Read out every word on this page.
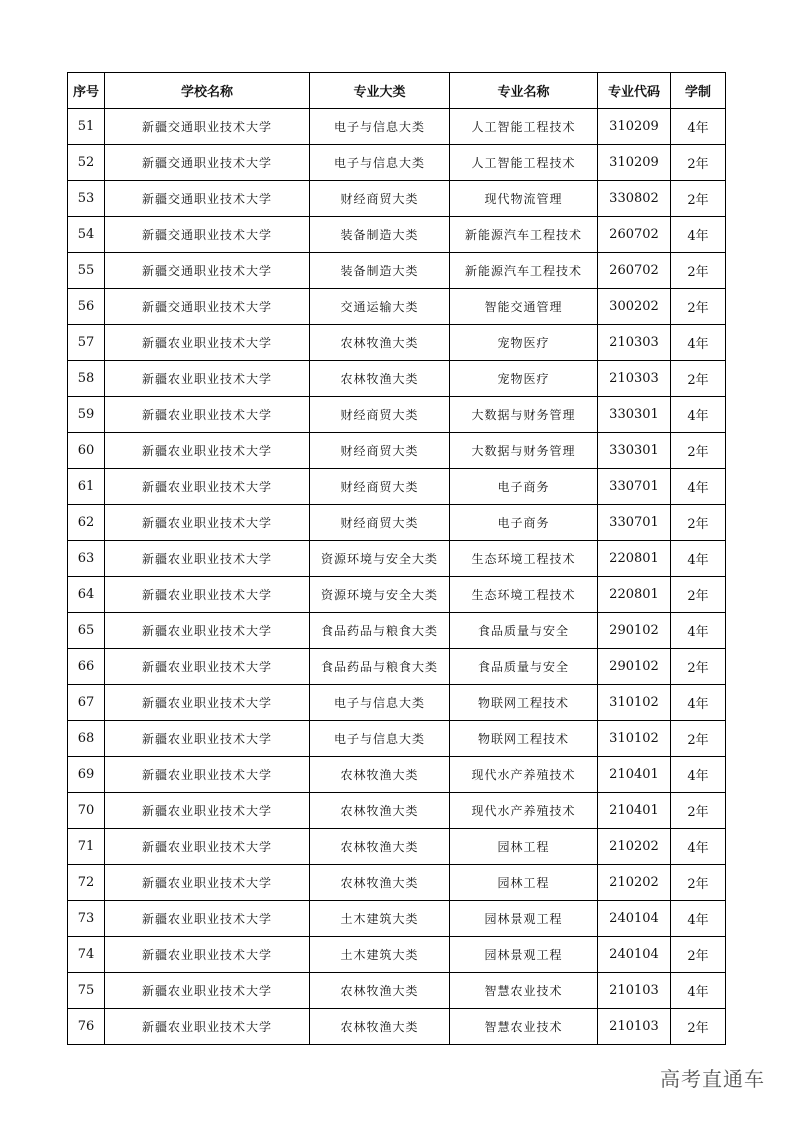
序号	学校名称	专业大类	专业名称	专业代码	学制
51	新疆交通职业技术大学	电子与信息大类	人工智能工程技术	310209	4年
52	新疆交通职业技术大学	电子与信息大类	人工智能工程技术	310209	2年
53	新疆交通职业技术大学	财经商贸大类	现代物流管理	330802	2年
54	新疆交通职业技术大学	装备制造大类	新能源汽车工程技术	260702	4年
55	新疆交通职业技术大学	装备制造大类	新能源汽车工程技术	260702	2年
56	新疆交通职业技术大学	交通运输大类	智能交通管理	300202	2年
57	新疆农业职业技术大学	农林牧渔大类	宠物医疗	210303	4年
58	新疆农业职业技术大学	农林牧渔大类	宠物医疗	210303	2年
59	新疆农业职业技术大学	财经商贸大类	大数据与财务管理	330301	4年
60	新疆农业职业技术大学	财经商贸大类	大数据与财务管理	330301	2年
61	新疆农业职业技术大学	财经商贸大类	电子商务	330701	4年
62	新疆农业职业技术大学	财经商贸大类	电子商务	330701	2年
63	新疆农业职业技术大学	资源环境与安全大类	生态环境工程技术	220801	4年
64	新疆农业职业技术大学	资源环境与安全大类	生态环境工程技术	220801	2年
65	新疆农业职业技术大学	食品药品与粮食大类	食品质量与安全	290102	4年
66	新疆农业职业技术大学	食品药品与粮食大类	食品质量与安全	290102	2年
67	新疆农业职业技术大学	电子与信息大类	物联网工程技术	310102	4年
68	新疆农业职业技术大学	电子与信息大类	物联网工程技术	310102	2年
69	新疆农业职业技术大学	农林牧渔大类	现代水产养殖技术	210401	4年
70	新疆农业职业技术大学	农林牧渔大类	现代水产养殖技术	210401	2年
71	新疆农业职业技术大学	农林牧渔大类	园林工程	210202	4年
72	新疆农业职业技术大学	农林牧渔大类	园林工程	210202	2年
73	新疆农业职业技术大学	土木建筑大类	园林景观工程	240104	4年
74	新疆农业职业技术大学	土木建筑大类	园林景观工程	240104	2年
75	新疆农业职业技术大学	农林牧渔大类	智慧农业技术	210103	4年
76	新疆农业职业技术大学	农林牧渔大类	智慧农业技术	210103	2年
高考直通车
